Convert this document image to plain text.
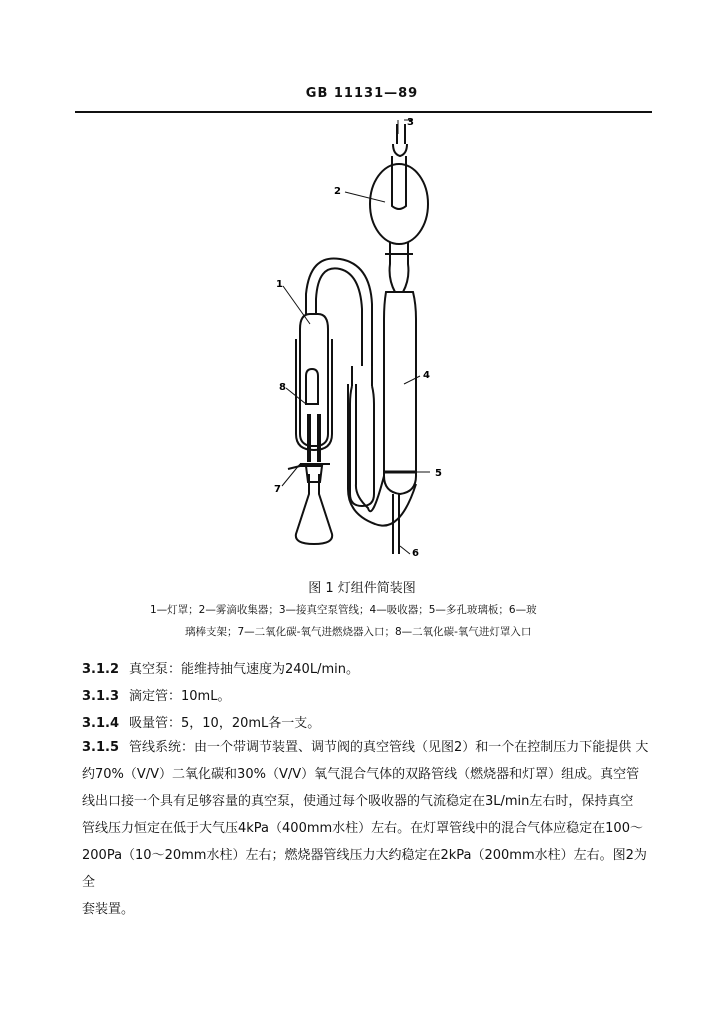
GB 11131—89
3
2
1
8
7
4
5
6
图 1 灯组件简装图
1—灯罩；2—雾滴收集器；3—接真空泵管线；4—吸收器；5—多孔玻璃板；6—玻
璃棒支架；7—二氧化碳-氧气进燃烧器入口；8—二氧化碳-氧气进灯罩入口
3.1.2 真空泵：能维持抽气速度为240L/min。
3.1.3 滴定管：10mL。
3.1.4 吸量管：5，10，20mL各一支。
3.1.5 管线系统：由一个带调节装置、调节阀的真空管线（见图2）和一个在控制压力下能提供 大
约70%（V/V）二氧化碳和30%（V/V）氧气混合气体的双路管线（燃烧器和灯罩）组成。真空管
线出口接一个具有足够容量的真空泵，使通过每个吸收器的气流稳定在3L/min左右时，保持真空
管线压力恒定在低于大气压4kPa（400mm水柱）左右。在灯罩管线中的混合气体应稳定在100～
200Pa（10～20mm水柱）左右；燃烧器管线压力大约稳定在2kPa（200mm水柱）左右。图2为全
套装置。
